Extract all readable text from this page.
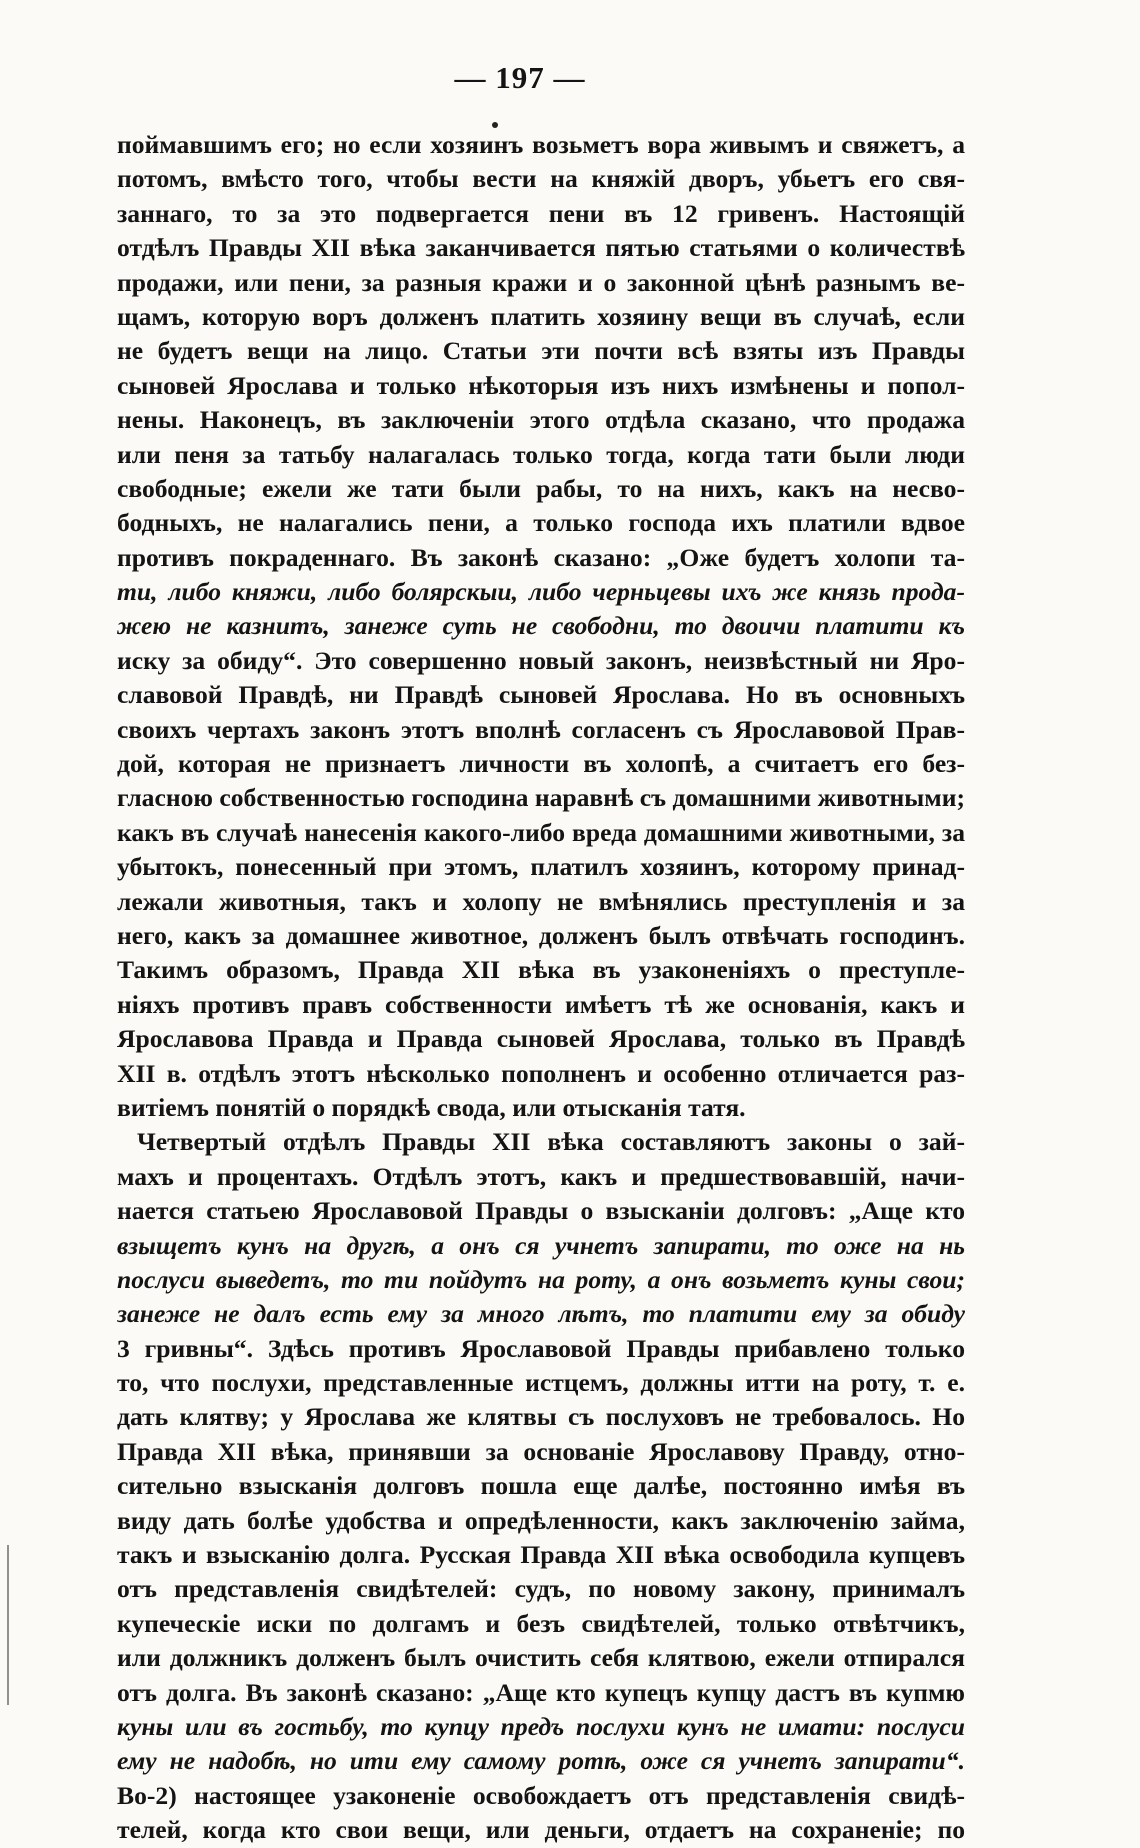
— 197 —
поймавшимъ его; но если хозяинъ возьметъ вора живымъ и свяжетъ, а
потомъ, вмѣсто того, чтобы вести на княжій дворъ, убьетъ его свя-
заннаго, то за это подвергается пени въ 12 гривенъ. Настоящій
отдѣлъ Правды XII вѣка заканчивается пятью статьями о количествѣ
продажи, или пени, за разныя кражи и о законной цѣнѣ разнымъ ве-
щамъ, которую воръ долженъ платить хозяину вещи въ случаѣ, если
не будетъ вещи на лицо. Статьи эти почти всѣ взяты изъ Правды
сыновей Ярослава и только нѣкоторыя изъ нихъ измѣнены и попол-
нены. Наконецъ, въ заключеніи этого отдѣла сказано, что продажа
или пеня за татьбу налагалась только тогда, когда тати были люди
свободные; ежели же тати были рабы, то на нихъ, какъ на несво-
бодныхъ, не налагались пени, а только господа ихъ платили вдвое
противъ покраденнаго. Въ законѣ сказано: „Оже будетъ холопи та-
ти, либо княжи, либо болярскыи, либо черньцевы ихъ же князь прода-
жею не казнитъ, занеже суть не свободни, то двоичи платити къ
иску за обиду“. Это совершенно новый законъ, неизвѣстный ни Яро-
славовой Правдѣ, ни Правдѣ сыновей Ярослава. Но въ основныхъ
своихъ чертахъ законъ этотъ вполнѣ согласенъ съ Ярославовой Прав-
дой, которая не признаетъ личности въ холопѣ, а считаетъ его без-
гласною собственностью господина наравнѣ съ домашними животными;
какъ въ случаѣ нанесенія какого-либо вреда домашними животными, за
убытокъ, понесенный при этомъ, платилъ хозяинъ, которому принад-
лежали животныя, такъ и холопу не вмѣнялись преступленія и за
него, какъ за домашнее животное, долженъ былъ отвѣчать господинъ.
Такимъ образомъ, Правда XII вѣка въ узаконеніяхъ о преступле-
ніяхъ противъ правъ собственности имѣетъ тѣ же основанія, какъ и
Ярославова Правда и Правда сыновей Ярослава, только въ Правдѣ
XII в. отдѣлъ этотъ нѣсколько пополненъ и особенно отличается раз-
витіемъ понятій о порядкѣ свода, или отысканія татя.
Четвертый отдѣлъ Правды XII вѣка составляютъ законы о зай-
махъ и процентахъ. Отдѣлъ этотъ, какъ и предшествовавшій, начи-
нается статьею Ярославовой Правды о взысканіи долговъ: „Аще кто
взыщетъ кунъ на другѣ, а онъ ся учнетъ запирати, то оже на нь
послуси выведетъ, то ти пойдутъ на роту, а онъ возьметъ куны свои;
занеже не далъ есть ему за много лѣтъ, то платити ему за обиду
3 гривны“. Здѣсь противъ Ярославовой Правды прибавлено только
то, что послухи, представленные истцемъ, должны итти на роту, т. е.
дать клятву; у Ярослава же клятвы съ послуховъ не требовалось. Но
Правда XII вѣка, принявши за основаніе Ярославову Правду, отно-
сительно взысканія долговъ пошла еще далѣе, постоянно имѣя въ
виду дать болѣе удобства и опредѣленности, какъ заключенію займа,
такъ и взысканію долга. Русская Правда XII вѣка освободила купцевъ
отъ представленія свидѣтелей: судъ, по новому закону, принималъ
купеческіе иски по долгамъ и безъ свидѣтелей, только отвѣтчикъ,
или должникъ долженъ былъ очистить себя клятвою, ежели отпирался
отъ долга. Въ законѣ сказано: „Аще кто купецъ купцу дастъ въ купмю
куны или въ гостьбу, то купцу предъ послухи кунъ не имати: послуси
ему не надобѣ, но ити ему самому ротѣ, оже ся учнетъ запирати“.
Во-2) настоящее узаконеніе освобождаетъ отъ представленія свидѣ-
телей, когда кто свои вещи, или деньги, отдаетъ на сохраненіе; по
